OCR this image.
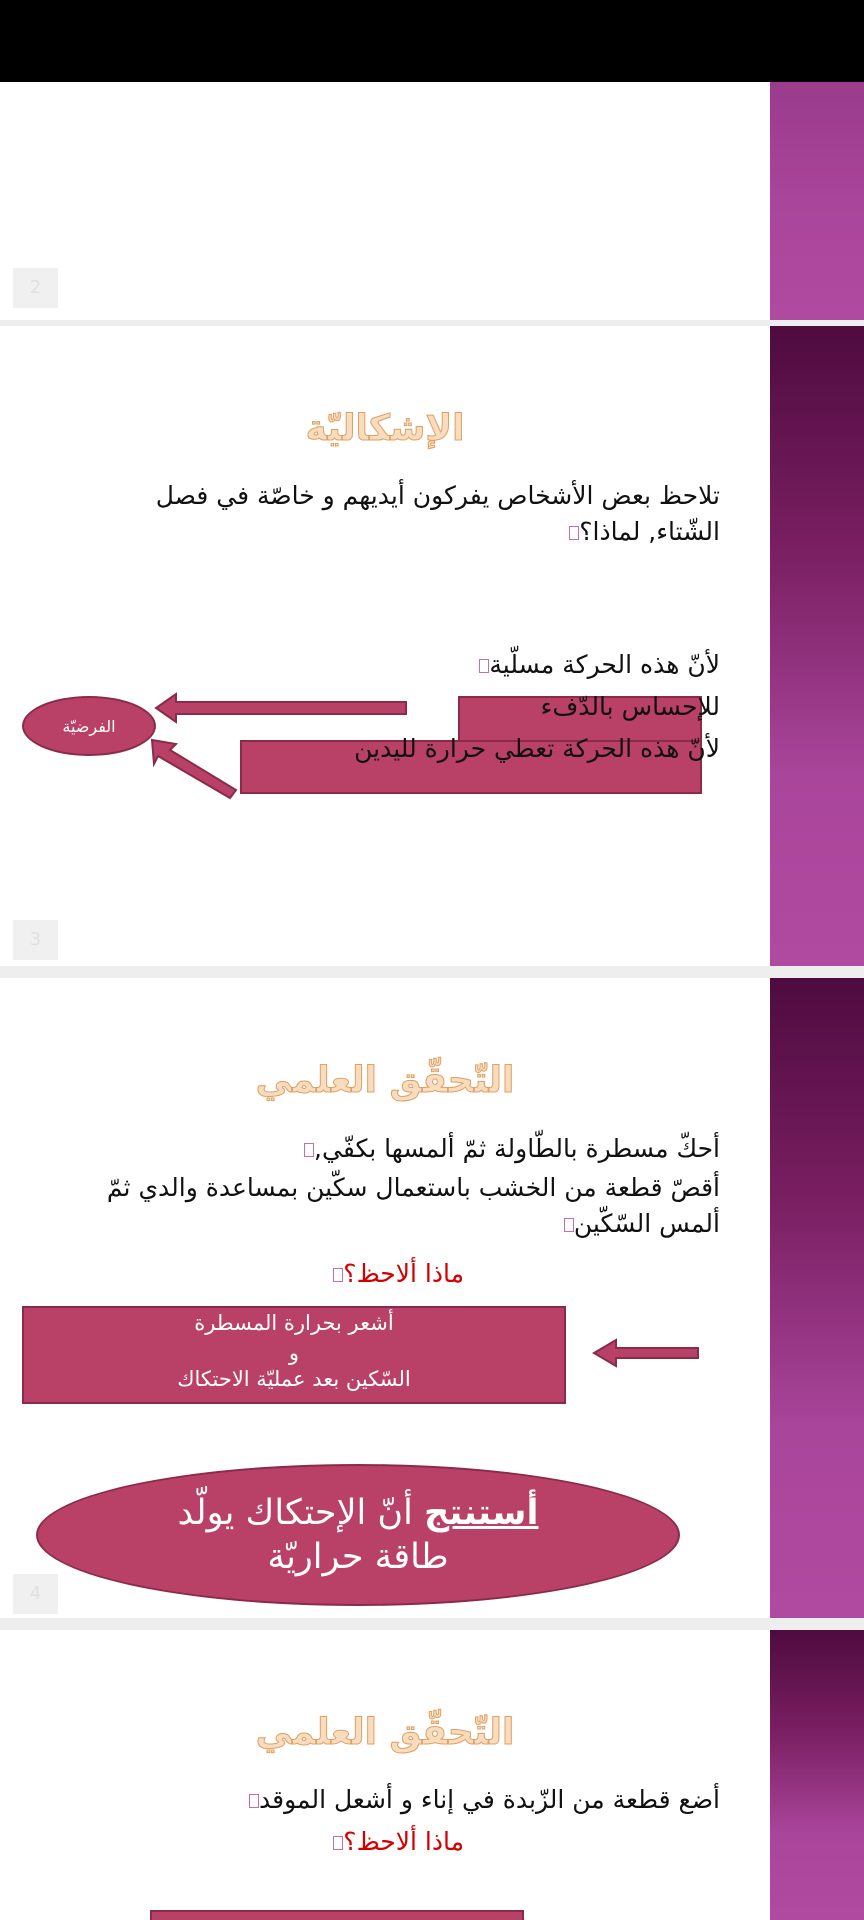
2
الإشكاليّة
تلاحظ بعض الأشخاص يفركون أيديهم و خاصّة في فصل الشّتاء, لماذا؟
لأنّ هذه الحركة مسلّية
للإحساس بالدّفء
لأنّ هذه الحركة تعطي حرارة لليدين
الفرضيّة
3
التّحقّق العلمي
أحكّ مسطرة بالطّاولة ثمّ ألمسها بكفّي,
أقصّ قطعة من الخشب باستعمال سكّين بمساعدة والدي ثمّ ألمس السّكّين
ماذا ألاحظ؟
أشعر بحرارة المسطرة
و
السّكين بعد عمليّة الاحتكاك
أستنتج أنّ الإحتكاك يولّد طاقة حراريّة
4
التّحقّق العلمي
أضع قطعة من الزّبدة في إناء و أشعل الموقد
ماذا ألاحظ؟
